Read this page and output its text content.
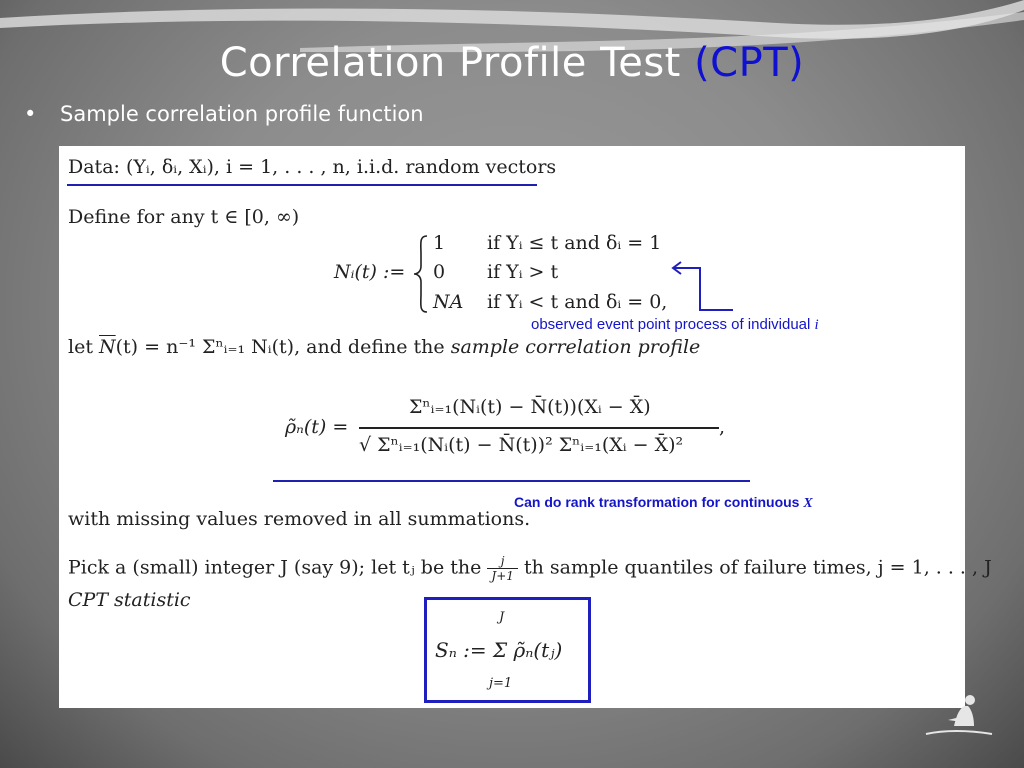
Correlation Profile Test (CPT)
• Sample correlation profile function
Data: (Yᵢ, δᵢ, Xᵢ), i = 1, . . . , n, i.i.d. random vectors
Define for any t ∈ [0, ∞)
Nᵢ(t) :=
1 if Yᵢ ≤ t and δᵢ = 1
0 if Yᵢ > t
NA if Yᵢ < t and δᵢ = 0,
let $\overline{N}(t) = n^{-1}$ Σⁿᵢ₌₁ Nᵢ(t), and define the sample correlation profile
ρ̃ₙ(t) =
Σⁿᵢ₌₁(Nᵢ(t) − N̄(t))(Xᵢ − X̄)
√ Σⁿᵢ₌₁(Nᵢ(t) − N̄(t))² Σⁿᵢ₌₁(Xᵢ − X̄)²
,
with missing values removed in all summations.
Pick a (small) integer J (say 9); let tⱼ be the $\frac{j}{J+1}$ th sample quantiles of failure times, j = 1, . . . , J
CPT statistic
J
Sₙ := Σ ρ̃ₙ(tⱼ)
j=1
observed event point process of individual i
Can do rank transformation for continuous X
